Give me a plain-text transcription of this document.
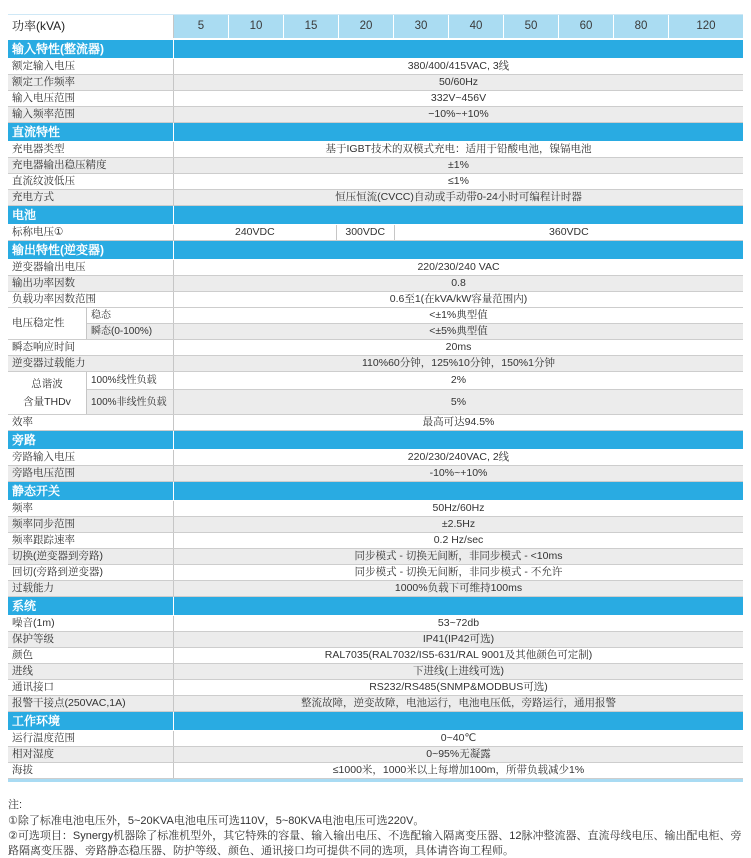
功率(kVA)	5	10	15	20	30	40	50	60	80	120
输入特性(整流器)
额定输入电压	380/400/415VAC, 3线
额定工作频率	50/60Hz
输入电压范围	332V~456V
输入频率范围	−10%~+10%
直流特性
充电器类型	基于IGBT技术的双模式充电：适用于铅酸电池，镍镉电池
充电器输出稳压精度	±1%
直流纹波低压	≤1%
充电方式	恒压恒流(CVCC)自动或手动带0-24小时可编程计时器
电池
标称电压①	240VDC	300VDC	360VDC
输出特性(逆变器)
逆变器输出电压	220/230/240 VAC
输出功率因数	0.8
负载功率因数范围	0.6至1(在kVA/kW容量范围内)
电压稳定性
稳态	<±1%典型值
瞬态(0-100%)	<±5%典型值
瞬态响应时间	20ms
逆变器过载能力	110%60分钟，125%10分钟，150%1分钟
总谐波
含量THDv
100%线性负载	2%
100%非线性负载	5%
效率	最高可达94.5%
旁路
旁路输入电压	220/230/240VAC, 2线
旁路电压范围	-10%~+10%
静态开关
频率	50Hz/60Hz
频率同步范围	±2.5Hz
频率跟踪速率	0.2 Hz/sec
切换(逆变器到旁路)	同步模式 - 切换无间断，非同步模式 - <10ms
回切(旁路到逆变器)	同步模式 - 切换无间断，非同步模式 - 不允许
过载能力	1000%负载下可维持100ms
系统
噪音(1m)	53~72db
保护等级	IP41(IP42可选)
颜色	RAL7035(RAL7032/IS5-631/RAL 9001及其他颜色可定制)
进线	下进线(上进线可选)
通讯接口	RS232/RS485(SNMP&MODBUS可选)
报警干接点(250VAC,1A)	整流故障，逆变故障，电池运行，电池电压低，旁路运行，通用报警
工作环境
运行温度范围	0~40℃
相对湿度	0~95%无凝露
海拔	≤1000米，1000米以上每增加100m，所带负载减少1%

注:

①除了标准电池电压外，5~20KVA电池电压可选110V，5~80KVA电池电压可选220V。

②可选项目：Synergy机器除了标准机型外，其它特殊的容量、输入输出电压、不选配输入隔离变压器、12脉冲整流器、直流母线电压、输出配电柜、旁路隔离变压器、旁路静态稳压器、防护等级、颜色、通讯接口均可提供不同的选项，具体请咨询工程师。
